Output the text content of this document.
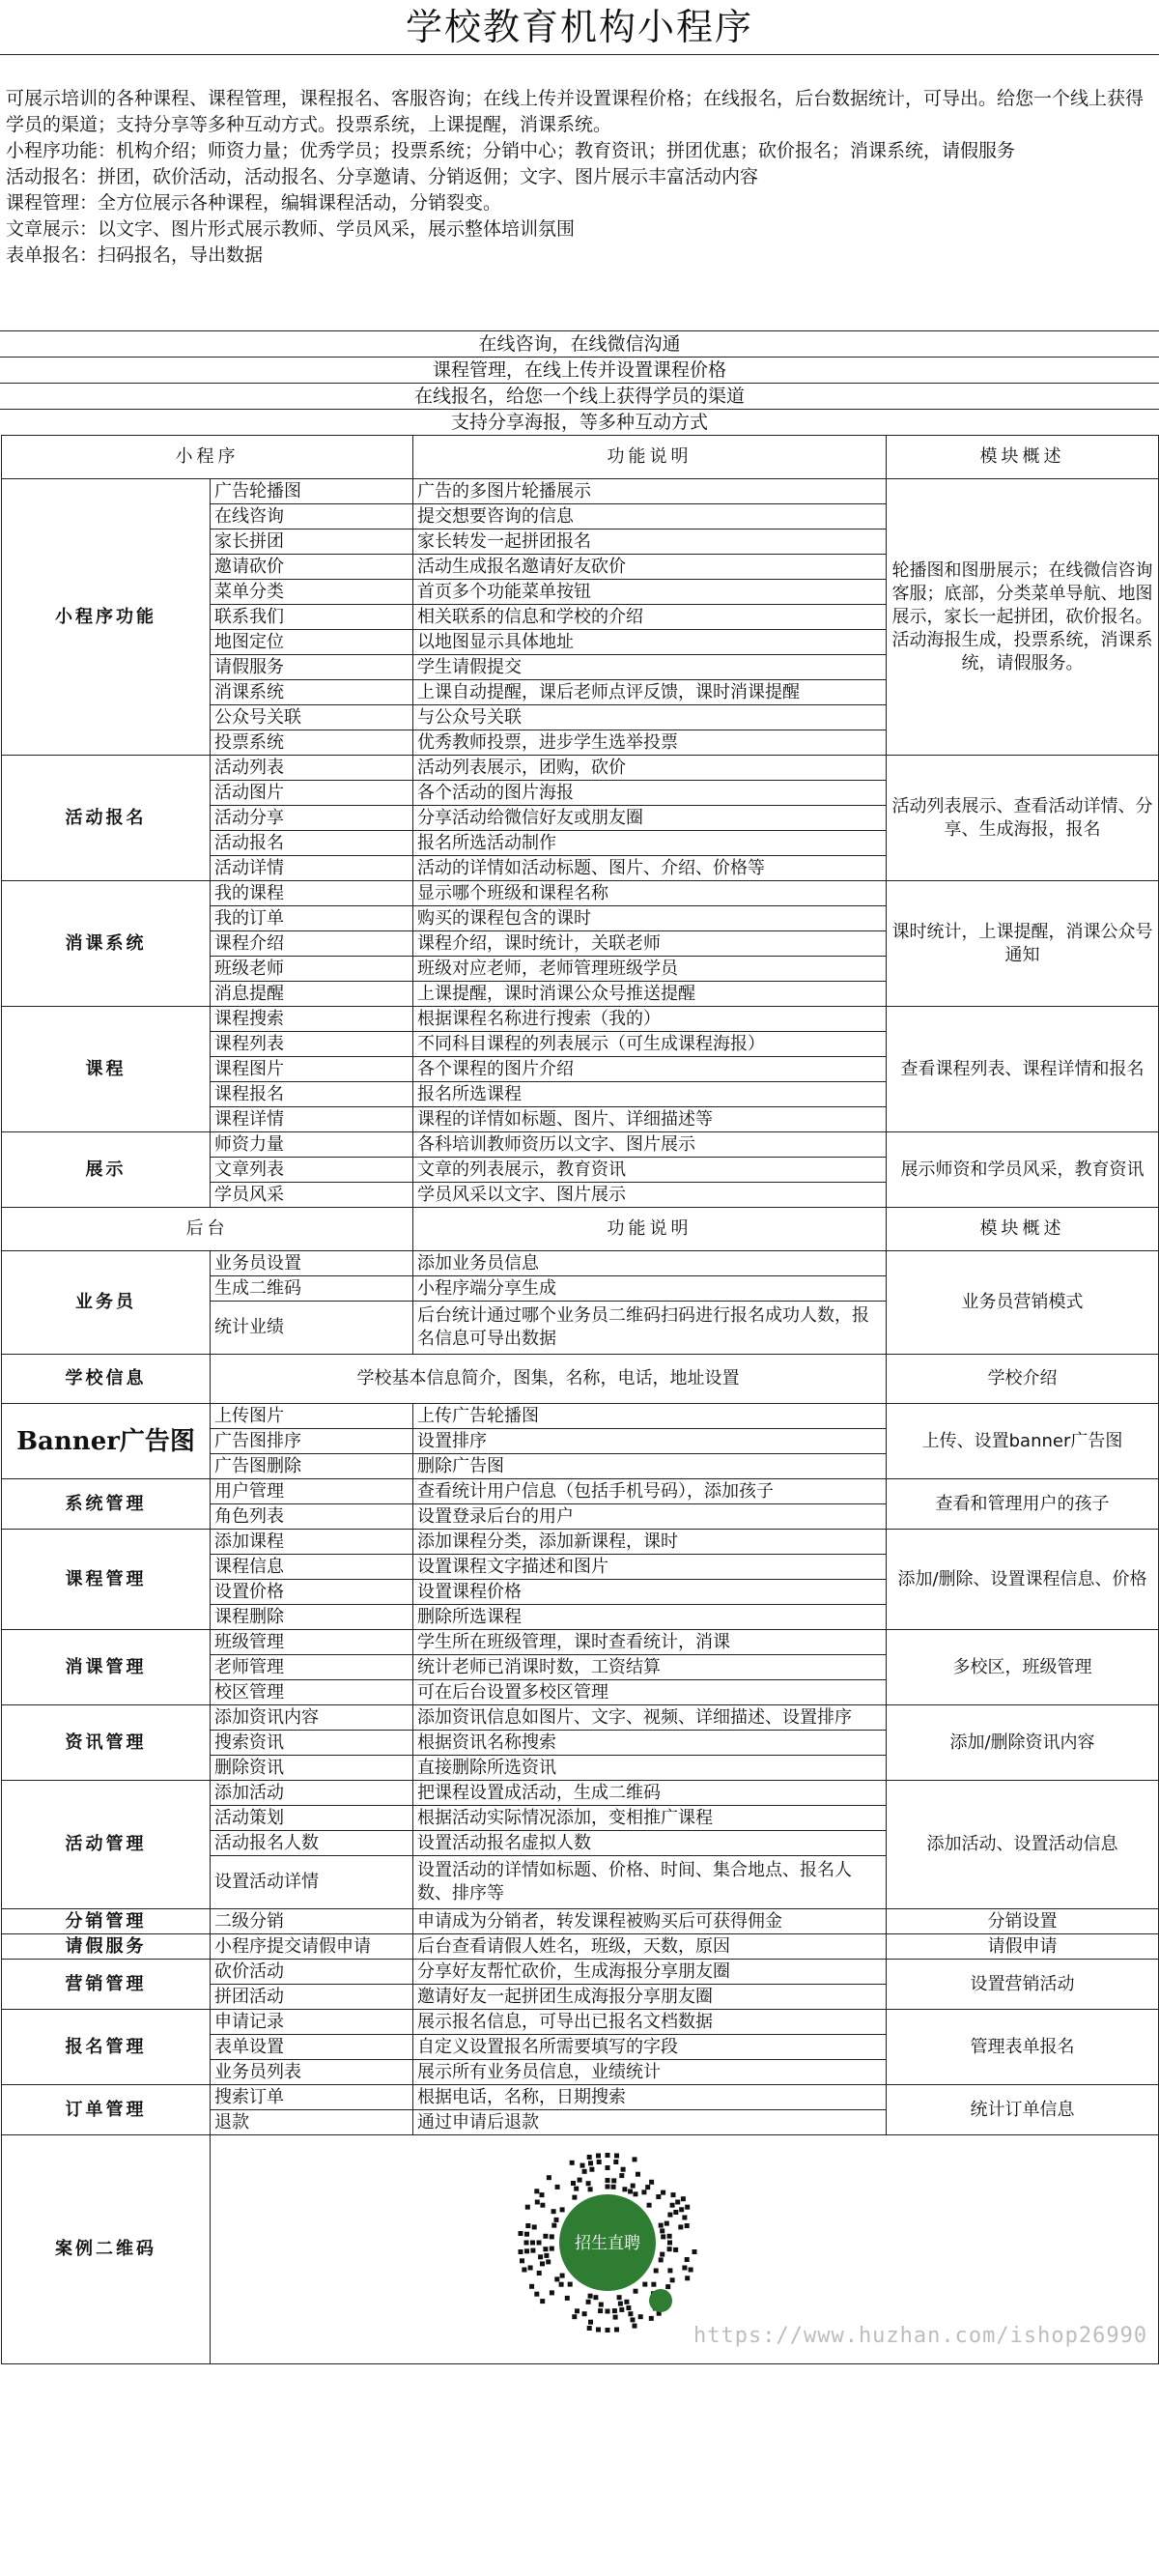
学校教育机构小程序
可展示培训的各种课程、课程管理，课程报名、客服咨询；在线上传并设置课程价格；在线报名，后台数据统计，可导出。给您一个线上获得学员的渠道；支持分享等多种互动方式。投票系统，上课提醒，消课系统。
小程序功能：机构介绍；师资力量；优秀学员；投票系统；分销中心；教育资讯；拼团优惠；砍价报名；消课系统，请假服务
活动报名：拼团，砍价活动，活动报名、分享邀请、分销返佣；文字、图片展示丰富活动内容
课程管理：全方位展示各种课程，编辑课程活动，分销裂变。
文章展示：以文字、图片形式展示教师、学员风采，展示整体培训氛围
表单报名：扫码报名，导出数据
在线咨询，在线微信沟通
课程管理，在线上传并设置课程价格
在线报名，给您一个线上获得学员的渠道
支持分享海报，等多种互动方式
小程序		功能说明	模块概述
小程序功能	广告轮播图	广告的多图片轮播展示	轮播图和图册展示；在线微信咨询客服；底部，分类菜单导航、地图展示，家长一起拼团，砍价报名。活动海报生成，投票系统，消课系统，请假服务。
	在线咨询	提交想要咨询的信息	
	家长拼团	家长转发一起拼团报名	
	邀请砍价	活动生成报名邀请好友砍价	
	菜单分类	首页多个功能菜单按钮	
	联系我们	相关联系的信息和学校的介绍	
	地图定位	以地图显示具体地址	
	请假服务	学生请假提交	
	消课系统	上课自动提醒，课后老师点评反馈，课时消课提醒	
	公众号关联	与公众号关联	
	投票系统	优秀教师投票，进步学生选举投票	
活动报名	活动列表	活动列表展示，团购，砍价	活动列表展示、查看活动详情、分享、生成海报，报名
	活动图片	各个活动的图片海报	
	活动分享	分享活动给微信好友或朋友圈	
	活动报名	报名所选活动制作	
	活动详情	活动的详情如活动标题、图片、介绍、价格等	
消课系统	我的课程	显示哪个班级和课程名称	课时统计，上课提醒，消课公众号通知
	我的订单	购买的课程包含的课时	
	课程介绍	课程介绍，课时统计，关联老师	
	班级老师	班级对应老师，老师管理班级学员	
	消息提醒	上课提醒，课时消课公众号推送提醒	
课程	课程搜索	根据课程名称进行搜索（我的）	查看课程列表、课程详情和报名
	课程列表	不同科目课程的列表展示（可生成课程海报）	
	课程图片	各个课程的图片介绍	
	课程报名	报名所选课程	
	课程详情	课程的详情如标题、图片、详细描述等	
展示	师资力量	各科培训教师资历以文字、图片展示	展示师资和学员风采，教育资讯
	文章列表	文章的列表展示，教育资讯	
	学员风采	学员风采以文字、图片展示	
后台		功能说明	模块概述
业务员	业务员设置	添加业务员信息	业务员营销模式
	生成二维码	小程序端分享生成	
	统计业绩	后台统计通过哪个业务员二维码扫码进行报名成功人数，报名信息可导出数据	
学校信息	学校基本信息简介，图集，名称，电话，地址设置		学校介绍
Banner广告图	上传图片	上传广告轮播图	上传、设置banner广告图
	广告图排序	设置排序	
	广告图删除	删除广告图	
系统管理	用户管理	查看统计用户信息（包括手机号码），添加孩子	查看和管理用户的孩子
	角色列表	设置登录后台的用户	
课程管理	添加课程	添加课程分类，添加新课程，课时	添加/删除、设置课程信息、价格
	课程信息	设置课程文字描述和图片	
	设置价格	设置课程价格	
	课程删除	删除所选课程	
消课管理	班级管理	学生所在班级管理，课时查看统计，消课	多校区，班级管理
	老师管理	统计老师已消课时数，工资结算	
	校区管理	可在后台设置多校区管理	
资讯管理	添加资讯内容	添加资讯信息如图片、文字、视频、详细描述、设置排序	添加/删除资讯内容
	搜索资讯	根据资讯名称搜索	
	删除资讯	直接删除所选资讯	
活动管理	添加活动	把课程设置成活动，生成二维码	添加活动、设置活动信息
	活动策划	根据活动实际情况添加，变相推广课程	
	活动报名人数	设置活动报名虚拟人数	
	设置活动详情	设置活动的详情如标题、价格、时间、集合地点、报名人数、排序等	
分销管理	二级分销	申请成为分销者，转发课程被购买后可获得佣金	分销设置
请假服务	小程序提交请假申请	后台查看请假人姓名，班级，天数，原因	请假申请
营销管理	砍价活动	分享好友帮忙砍价，生成海报分享朋友圈	设置营销活动
	拼团活动	邀请好友一起拼团生成海报分享朋友圈	
报名管理	申请记录	展示报名信息，可导出已报名文档数据	管理表单报名
	表单设置	自定义设置报名所需要填写的字段	
	业务员列表	展示所有业务员信息，业绩统计	
订单管理	搜索订单	根据电话，名称，日期搜索	统计订单信息
	退款	通过申请后退款	
案例二维码	招生直聘
https://www.huzhan.com/ishop26990		
